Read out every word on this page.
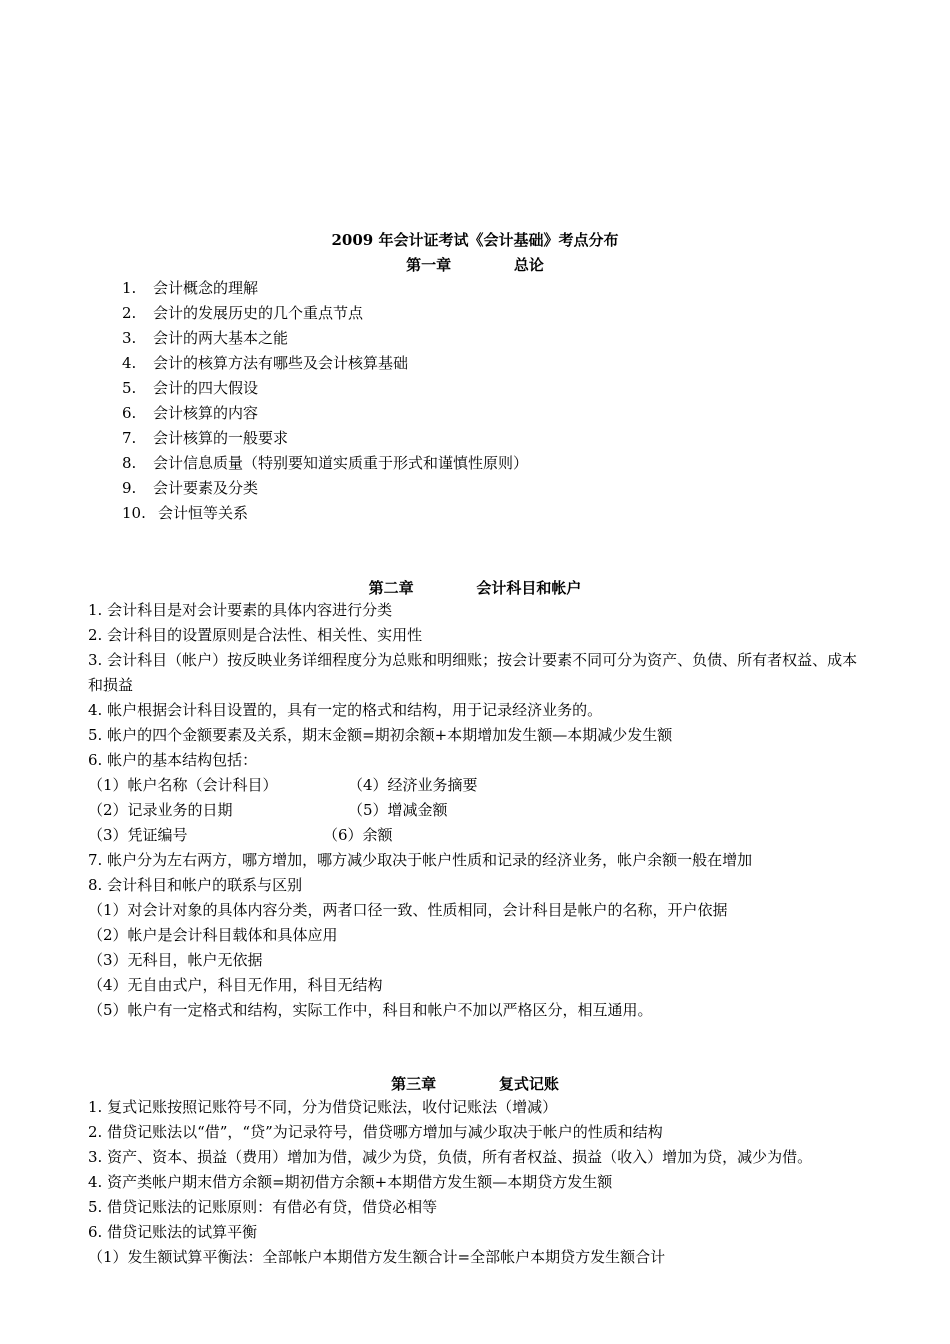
2009 年会计证考试《会计基础》考点分布
第一章            总论
1. 会计概念的理解
2. 会计的发展历史的几个重点节点
3. 会计的两大基本之能
4. 会计的核算方法有哪些及会计核算基础
5. 会计的四大假设
6. 会计核算的内容
7. 会计核算的一般要求
8. 会计信息质量（特别要知道实质重于形式和谨慎性原则）
9. 会计要素及分类
10. 会计恒等关系
第二章            会计科目和帐户

1. 会计科目是对会计要素的具体内容进行分类

2. 会计科目的设置原则是合法性、相关性、实用性

3. 会计科目（帐户）按反映业务详细程度分为总账和明细账；按会计要素不同可分为资产、负债、所有者权益、成本和损益

4. 帐户根据会计科目设置的，具有一定的格式和结构，用于记录经济业务的。

5. 帐户的四个金额要素及关系，期末金额=期初余额+本期增加发生额—本期减少发生额

6. 帐户的基本结构包括：

（1）帐户名称（会计科目）	（4）经济业务摘要
（2）记录业务的日期	（5）增减金额
（3）凭证编号	（6）余额

7. 帐户分为左右两方，哪方增加，哪方减少取决于帐户性质和记录的经济业务，帐户余额一般在增加

8. 会计科目和帐户的联系与区别

（1）对会计对象的具体内容分类，两者口径一致、性质相同，会计科目是帐户的名称，开户依据

（2）帐户是会计科目载体和具体应用

（3）无科目，帐户无依据

（4）无自由式户，科目无作用，科目无结构

（5）帐户有一定格式和结构，实际工作中，科目和帐户不加以严格区分，相互通用。

第三章            复式记账

1. 复式记账按照记账符号不同，分为借贷记账法，收付记账法（增减）

2. 借贷记账法以“借”，“贷”为记录符号，借贷哪方增加与减少取决于帐户的性质和结构

3. 资产、资本、损益（费用）增加为借，减少为贷，负债，所有者权益、损益（收入）增加为贷，减少为借。

4. 资产类帐户期末借方余额=期初借方余额+本期借方发生额—本期贷方发生额

5. 借贷记账法的记账原则：有借必有贷，借贷必相等

6. 借贷记账法的试算平衡

（1）发生额试算平衡法：全部帐户本期借方发生额合计=全部帐户本期贷方发生额合计
